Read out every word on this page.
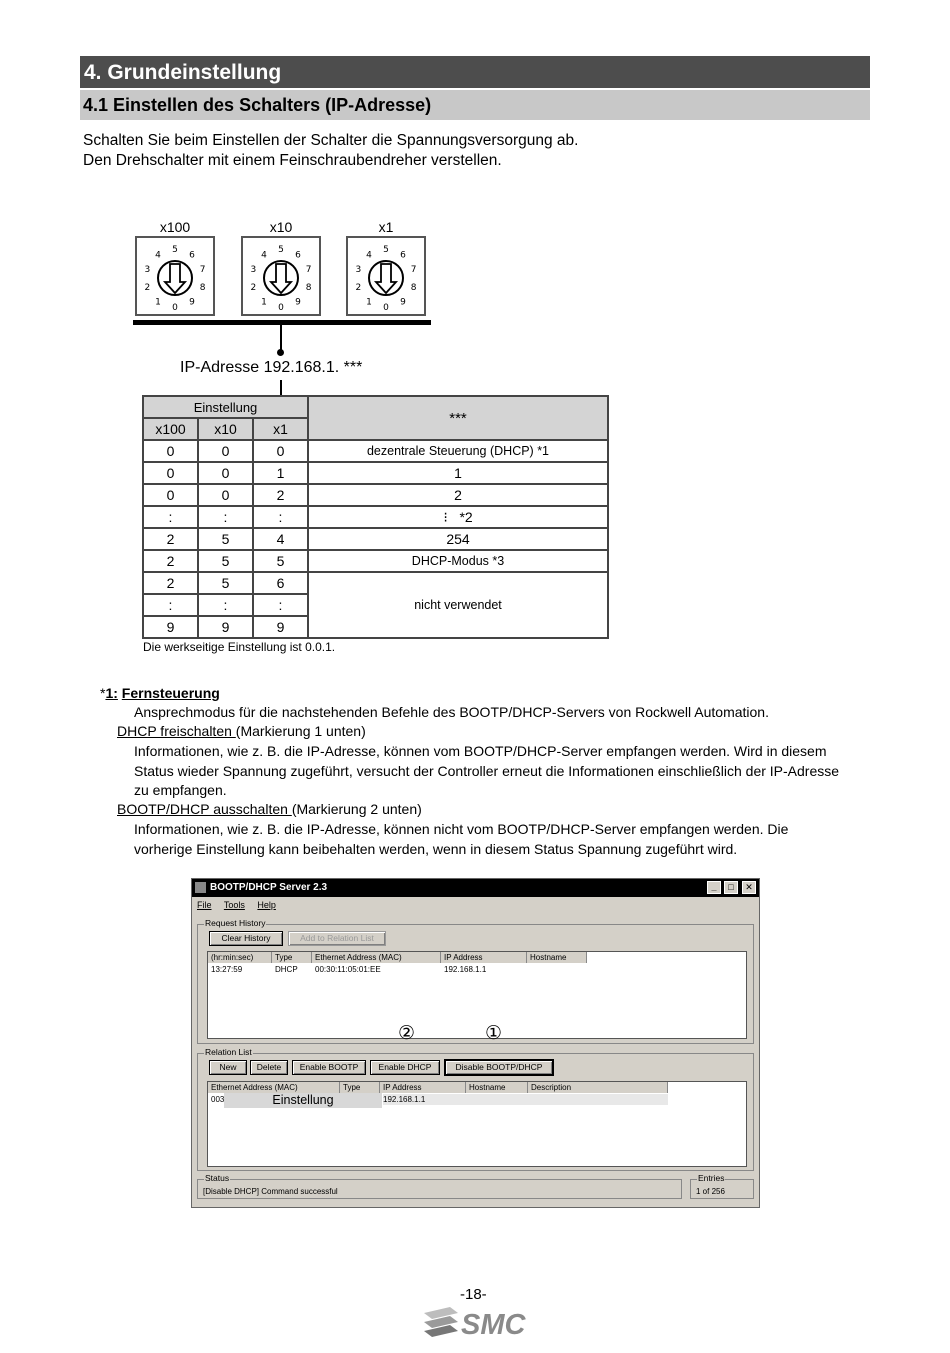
4. Grundeinstellung
4.1 Einstellen des Schalters (IP-Adresse)
Schalten Sie beim Einstellen der Schalter die Spannungsversorgung ab.
Den Drehschalter mit einem Feinschraubendreher verstellen.
x100	x10	x1
0
1
2
3
4
5
6
7
8
9
0
1
2
3
4
5
6
7
8
9
0
1
2
3
4
5
6
7
8
9
IP-Adresse 192.168.1. ***
Einstellung			***
x100	x10	x1	
0	0	0	dezentrale Steuerung (DHCP) *1
0	0	1	1
0	0	2	2
:	:	:	⁝ *2
2	5	4	254
2	5	5	DHCP-Modus *3
2	5	6	nicht verwendet
:	:	:	
9	9	9	
Die werkseitige Einstellung ist 0.0.1.
*1: Fernsteuerung
Ansprechmodus für die nachstehenden Befehle des BOOTP/DHCP-Servers von Rockwell Automation.
DHCP freischalten (Markierung 1 unten)
Informationen, wie z. B. die IP-Adresse, können vom BOOTP/DHCP-Server empfangen werden. Wird in diesem
Status wieder Spannung zugeführt, versucht der Controller erneut die Informationen einschließlich der IP-Adresse
zu empfangen.
BOOTP/DHCP ausschalten (Markierung 2 unten)
Informationen, wie z. B. die IP-Adresse, können nicht vom BOOTP/DHCP-Server empfangen werden. Die
vorherige Einstellung kann beibehalten werden, wenn in diesem Status Spannung zugeführt wird.
BOOTP/DHCP Server 2.3	_	□	✕
File Tools Help
Request History
Clear History	Add to Relation List
(hr:min:sec)	Type	Ethernet Address (MAC)	IP Address	Hostname
13:27:59	DHCP 00:30:11:05:01:EE	192.168.1.1
②	①
Relation List
New	Delete	Enable BOOTP	Enable DHCP	Disable BOOTP/DHCP
Ethernet Address (MAC)	Type	IP Address	Hostname	Description
003	Einstellung	192.168.1.1
Status
[Disable DHCP] Command successful
Entries
1 of 256
-18-
SMC
